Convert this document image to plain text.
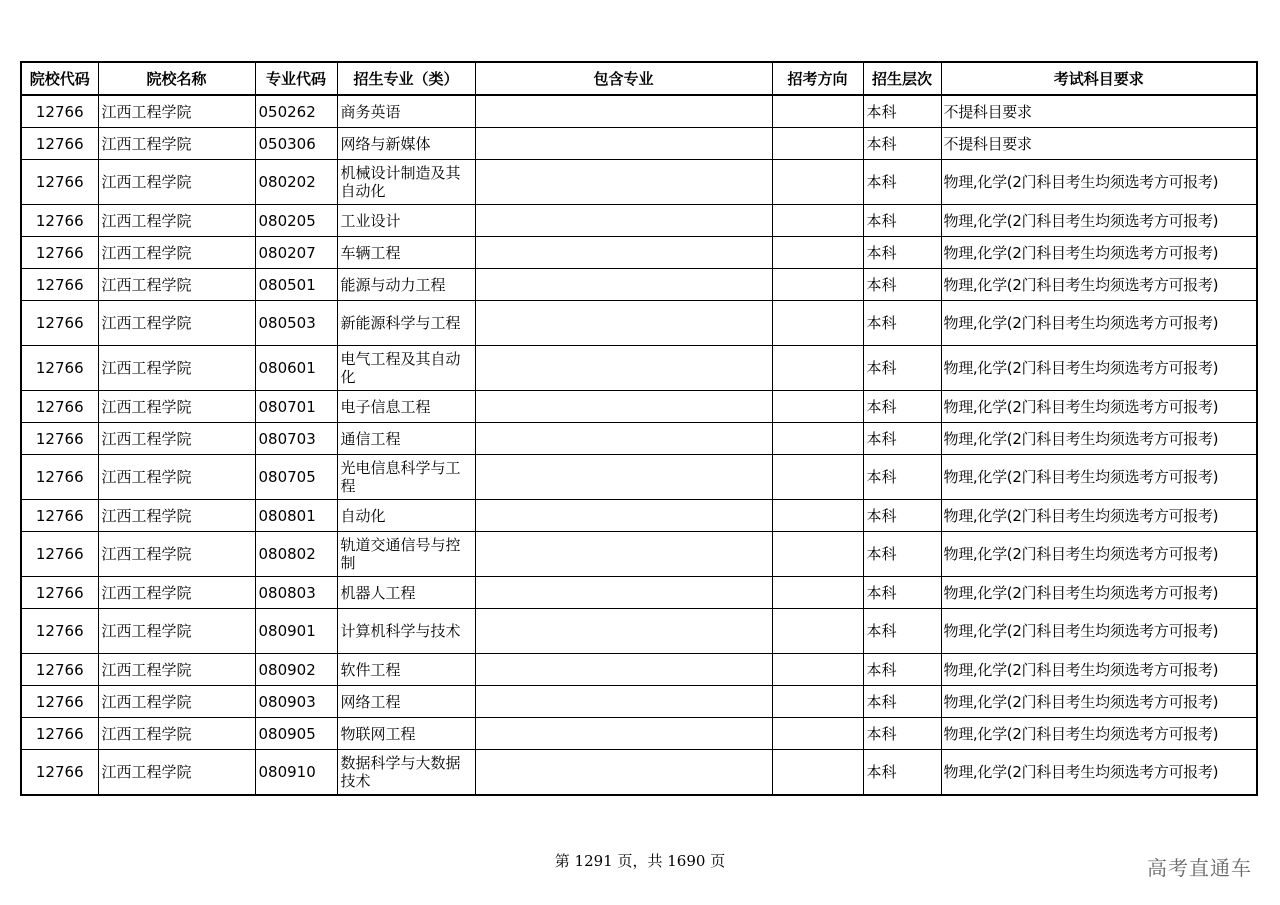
院校代码	院校名称	专业代码	招生专业（类）	包含专业	招考方向	招生层次	考试科目要求
12766	江西工程学院	050262	商务英语			本科	不提科目要求
12766	江西工程学院	050306	网络与新媒体			本科	不提科目要求
12766	江西工程学院	080202	机械设计制造及其自动化			本科	物理,化学(2门科目考生均须选考方可报考)
12766	江西工程学院	080205	工业设计			本科	物理,化学(2门科目考生均须选考方可报考)
12766	江西工程学院	080207	车辆工程			本科	物理,化学(2门科目考生均须选考方可报考)
12766	江西工程学院	080501	能源与动力工程			本科	物理,化学(2门科目考生均须选考方可报考)
12766	江西工程学院	080503	新能源科学与工程			本科	物理,化学(2门科目考生均须选考方可报考)
12766	江西工程学院	080601	电气工程及其自动化			本科	物理,化学(2门科目考生均须选考方可报考)
12766	江西工程学院	080701	电子信息工程			本科	物理,化学(2门科目考生均须选考方可报考)
12766	江西工程学院	080703	通信工程			本科	物理,化学(2门科目考生均须选考方可报考)
12766	江西工程学院	080705	光电信息科学与工程			本科	物理,化学(2门科目考生均须选考方可报考)
12766	江西工程学院	080801	自动化			本科	物理,化学(2门科目考生均须选考方可报考)
12766	江西工程学院	080802	轨道交通信号与控制			本科	物理,化学(2门科目考生均须选考方可报考)
12766	江西工程学院	080803	机器人工程			本科	物理,化学(2门科目考生均须选考方可报考)
12766	江西工程学院	080901	计算机科学与技术			本科	物理,化学(2门科目考生均须选考方可报考)
12766	江西工程学院	080902	软件工程			本科	物理,化学(2门科目考生均须选考方可报考)
12766	江西工程学院	080903	网络工程			本科	物理,化学(2门科目考生均须选考方可报考)
12766	江西工程学院	080905	物联网工程			本科	物理,化学(2门科目考生均须选考方可报考)
12766	江西工程学院	080910	数据科学与大数据技术			本科	物理,化学(2门科目考生均须选考方可报考)
第 1291 页，共 1690 页	高考直通车
